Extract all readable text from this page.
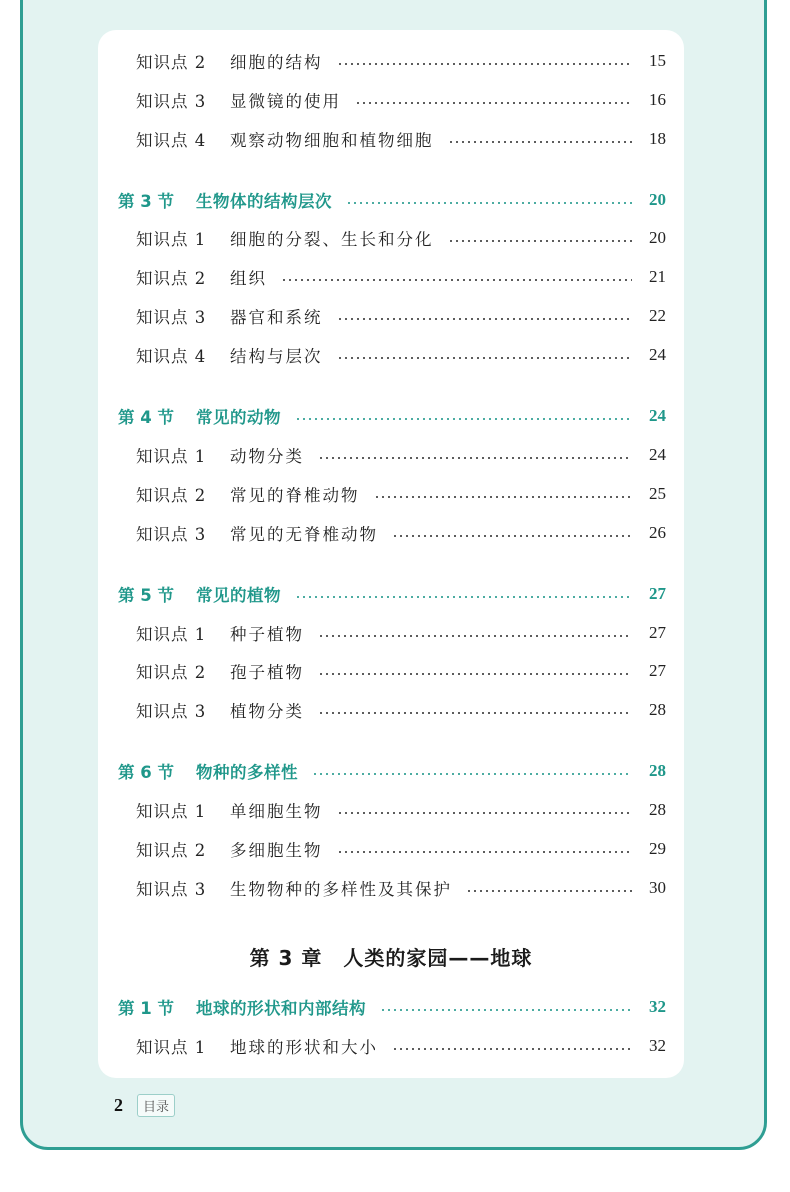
知识点 2 细胞的结构	15
知识点 3 显微镜的使用	16
知识点 4 观察动物细胞和植物细胞	18
第 3 节 生物体的结构层次	20
知识点 1 细胞的分裂、生长和分化	20
知识点 2 组织	21
知识点 3 器官和系统	22
知识点 4 结构与层次	24
第 4 节 常见的动物	24
知识点 1 动物分类	24
知识点 2 常见的脊椎动物	25
知识点 3 常见的无脊椎动物	26
第 5 节 常见的植物	27
知识点 1 种子植物	27
知识点 2 孢子植物	27
知识点 3 植物分类	28
第 6 节 物种的多样性	28
知识点 1 单细胞生物	28
知识点 2 多细胞生物	29
知识点 3 生物物种的多样性及其保护	30
第 1 节 地球的形状和内部结构	32
知识点 1 地球的形状和大小	32
第 3 章　人类的家园——地球
2	目录
